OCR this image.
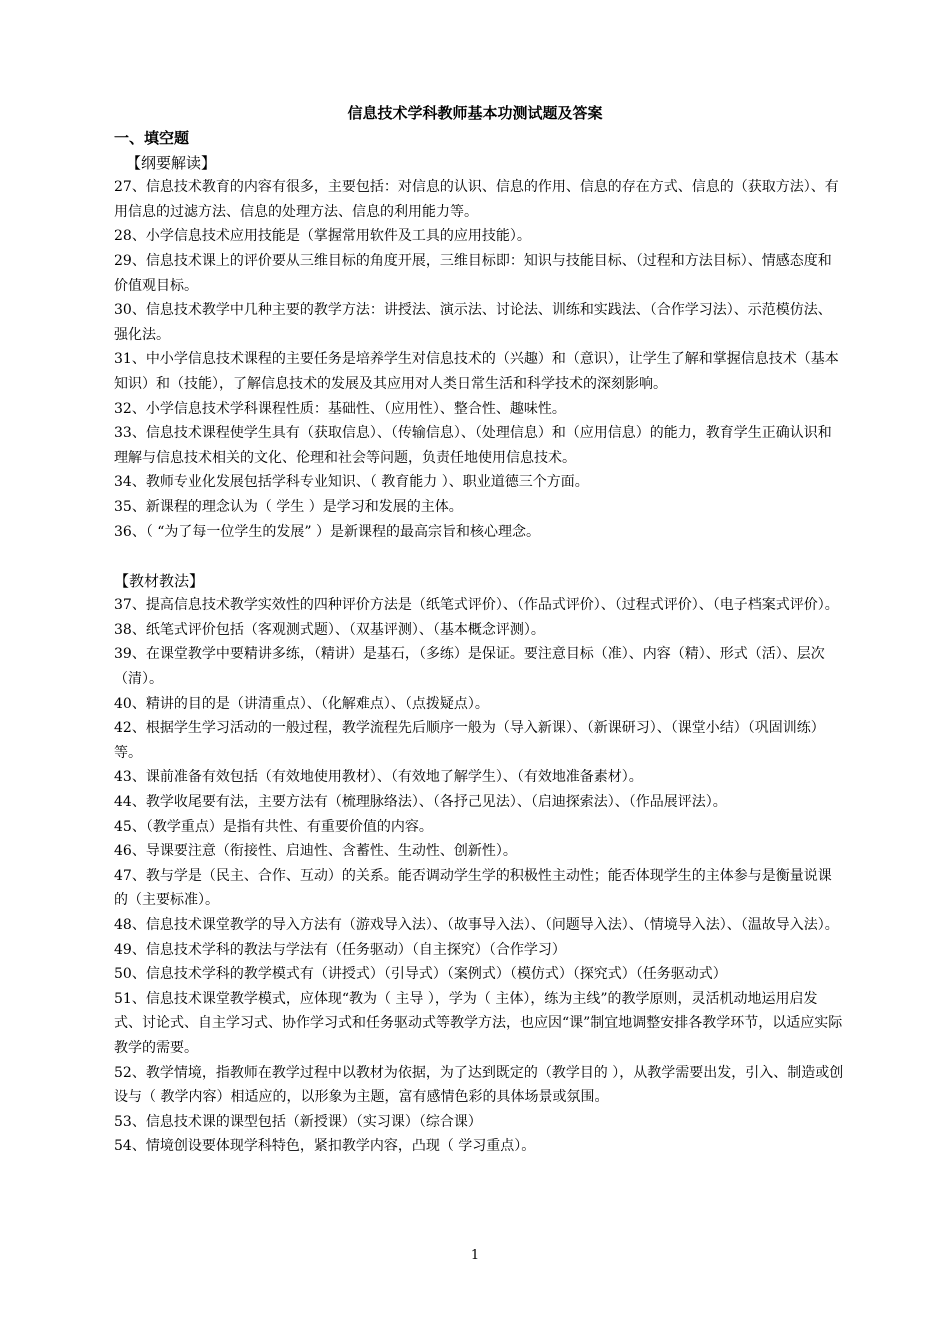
信息技术学科教师基本功测试题及答案

一、填空题

【纲要解读】

27、信息技术教育的内容有很多，主要包括：对信息的认识、信息的作用、信息的存在方式、信息的（获取方法）、有用信息的过滤方法、信息的处理方法、信息的利用能力等。

28、小学信息技术应用技能是（掌握常用软件及工具的应用技能）。

29、信息技术课上的评价要从三维目标的角度开展，三维目标即：知识与技能目标、（过程和方法目标）、情感态度和价值观目标。

30、信息技术教学中几种主要的教学方法：讲授法、演示法、讨论法、训练和实践法、（合作学习法）、示范模仿法、强化法。

31、中小学信息技术课程的主要任务是培养学生对信息技术的（兴趣）和（意识），让学生了解和掌握信息技术（基本知识）和（技能），了解信息技术的发展及其应用对人类日常生活和科学技术的深刻影响。

32、小学信息技术学科课程性质：基础性、（应用性）、整合性、趣味性。

33、信息技术课程使学生具有（获取信息）、（传输信息）、（处理信息）和（应用信息）的能力，教育学生正确认识和理解与信息技术相关的文化、伦理和社会等问题，负责任地使用信息技术。

34、教师专业化发展包括学科专业知识、（ 教育能力 ）、职业道德三个方面。

35、新课程的理念认为（ 学生 ）是学习和发展的主体。

36、（ “为了每一位学生的发展” ）是新课程的最高宗旨和核心理念。

【教材教法】

37、提高信息技术教学实效性的四种评价方法是（纸笔式评价）、（作品式评价）、（过程式评价）、（电子档案式评价）。

38、纸笔式评价包括（客观测式题）、（双基评测）、（基本概念评测）。

39、在课堂教学中要精讲多练，（精讲）是基石，（多练）是保证。要注意目标（准）、内容（精）、形式（活）、层次（清）。

40、精讲的目的是（讲清重点）、（化解难点）、（点拨疑点）。

42、根据学生学习活动的一般过程，教学流程先后顺序一般为（导入新课）、（新课研习）、（课堂小结）（巩固训练）等。

43、课前准备有效包括（有效地使用教材）、（有效地了解学生）、（有效地准备素材）。

44、教学收尾要有法，主要方法有（梳理脉络法）、（各抒己见法）、（启迪探索法）、（作品展评法）。

45、（教学重点）是指有共性、有重要价值的内容。

46、导课要注意（衔接性、启迪性、含蓄性、生动性、创新性）。

47、教与学是（民主、合作、互动）的关系。能否调动学生学的积极性主动性；能否体现学生的主体参与是衡量说课的（主要标准）。

48、信息技术课堂教学的导入方法有（游戏导入法）、（故事导入法）、（问题导入法）、（情境导入法）、（温故导入法）。

49、信息技术学科的教法与学法有（任务驱动）（自主探究）（合作学习）

50、信息技术学科的教学模式有（讲授式）（引导式）（案例式）（模仿式）（探究式）（任务驱动式）

51、信息技术课堂教学模式，应体现“教为（ 主导 ），学为（ 主体），练为主线”的教学原则，灵活机动地运用启发式、讨论式、自主学习式、协作学习式和任务驱动式等教学方法，也应因“课”制宜地调整安排各教学环节，以适应实际教学的需要。

52、教学情境，指教师在教学过程中以教材为依据，为了达到既定的（教学目的 ），从教学需要出发，引入、制造或创设与（ 教学内容）相适应的，以形象为主题，富有感情色彩的具体场景或氛围。

53、信息技术课的课型包括（新授课）（实习课）（综合课）

54、情境创设要体现学科特色，紧扣教学内容，凸现（ 学习重点）。

1
